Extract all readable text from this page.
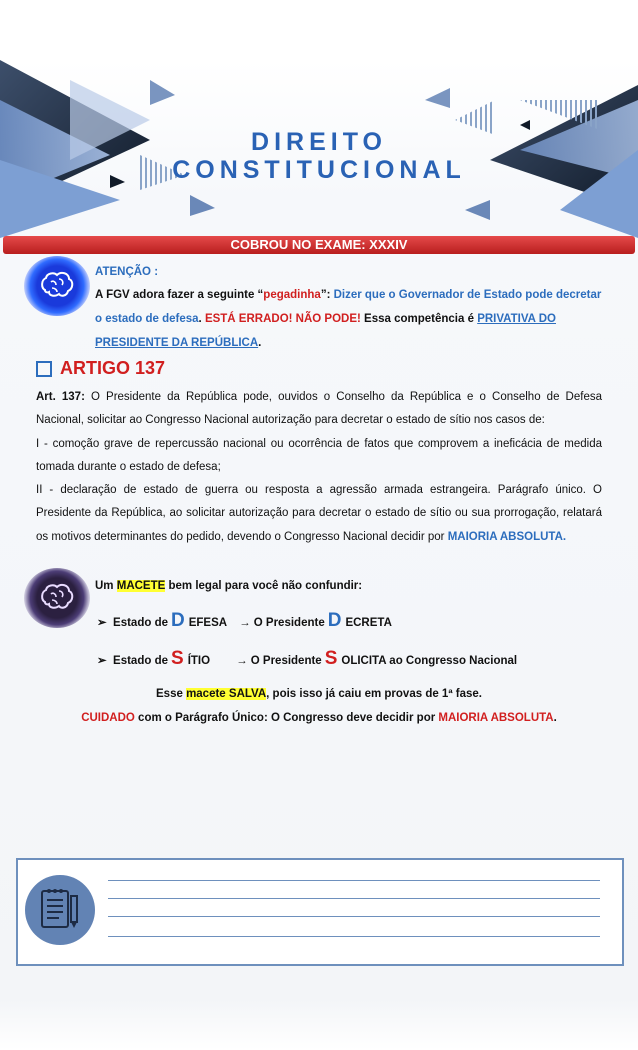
DIREITO
CONSTITUCIONAL
COBROU NO EXAME: XXXIV
ATENÇÃO :
A FGV adora fazer a seguinte “pegadinha”: Dizer que o Governador de Estado pode decretar o estado de defesa. ESTÁ ERRADO! NÃO PODE! Essa competência é PRIVATIVA DO PRESIDENTE DA REPÚBLICA.
ARTIGO 137

Art. 137: O Presidente da República pode, ouvidos o Conselho da República e o Conselho de Defesa Nacional, solicitar ao Congresso Nacional autorização para decretar o estado de sítio nos casos de:

I - comoção grave de repercussão nacional ou ocorrência de fatos que comprovem a ineficácia de medida tomada durante o estado de defesa;

II - declaração de estado de guerra ou resposta a agressão armada estrangeira. Parágrafo único. O Presidente da República, ao solicitar autorização para decretar o estado de sítio ou sua prorrogação, relatará os motivos determinantes do pedido, devendo o Congresso Nacional decidir por MAIORIA ABSOLUTA.

Um MACETE bem legal para você não confundir:
➢ Estado de D EFESA → O Presidente D ECRETA
➢ Estado de S ÍTIO → O Presidente S OLICITA ao Congresso Nacional
Esse macete SALVA, pois isso já caiu em provas de 1ª fase.
CUIDADO com o Parágrafo Único: O Congresso deve decidir por MAIORIA ABSOLUTA.
